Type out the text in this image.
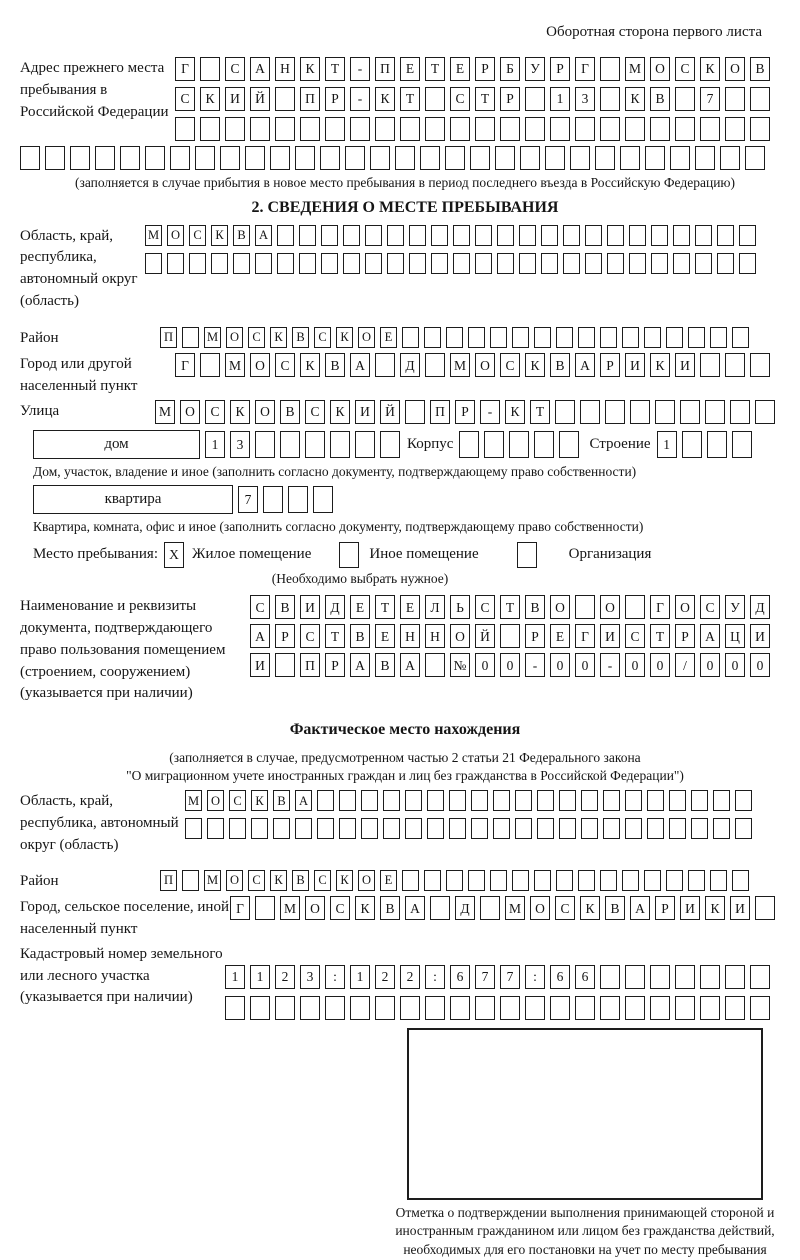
Оборотная сторона первого листа
Адрес прежнего места пребывания в Российской Федерации
Г	С	А	Н	К	Т	-	П	Е	Т	Е	Р	Б	У	Р	Г	М	О	С	К	О	В
С	К	И	Й	П	Р	-	К	Т	С	Т	Р	1	3	К	В	7
(заполняется в случае прибытия в новое место пребывания в период последнего въезда в Российскую Федерацию)
2. СВЕДЕНИЯ О МЕСТЕ ПРЕБЫВАНИЯ
Область, край, республика, автономный округ (область)
М О	С	К	В	А
Район	П	М О	С	К	В	С	К	О	Е
Город или другой населенный пункт
Г	М	О	С	К	В	А	Д	М	О	С	К	В	А	Р	И	К	И
Улица	М	О	С	К	О	В	С	К	И	Й	П	Р	-	К	Т
дом	1	3	Корпус	Строение 1
Дом, участок, владение и иное (заполнить согласно документу, подтверждающему право собственности)
квартира	7
Квартира, комната, офис и иное (заполнить согласно документу, подтверждающему право собственности)
Место пребывания: X Жилое помещение	Иное помещение	Организация
(Необходимо выбрать нужное)
Наименование и реквизиты документа, подтверждающего право пользования помещением (строением, сооружением) (указывается при наличии)
С	В	И	Д	Е	Т	Е	Л	Ь	С	Т	В	О	О	Г	О	С	У	Д
А	Р	С	Т	В	Е	Н	Н	О	Й	Р	Е	Г	И	С	Т	Р	А	Ц	И
И	П	Р	А	В	А	№	0	0	-	0	0	-	0	0	/	0	0	0
Фактическое место нахождения
(заполняется в случае, предусмотренном частью 2 статьи 21 Федерального закона
"О миграционном учете иностранных граждан и лиц без гражданства в Российской Федерации")
Область, край, республика, автономный округ (область)
М О	С	К	В	А
Район	П	М О	С	К	В	С	К	О	Е
Город, сельское поселение, иной населенный пункт
Г	М	О	С	К	В	А	Д	М	О	С	К	В	А	Р	И	К	И
Кадастровый номер земельного или лесного участка (указывается при наличии)
1	1	2	3	:	1	2	2	:	6	7	7	:	6	6
Отметка о подтверждении выполнения принимающей стороной и иностранным гражданином или лицом без гражданства действий, необходимых для его постановки на учет по месту пребывания
